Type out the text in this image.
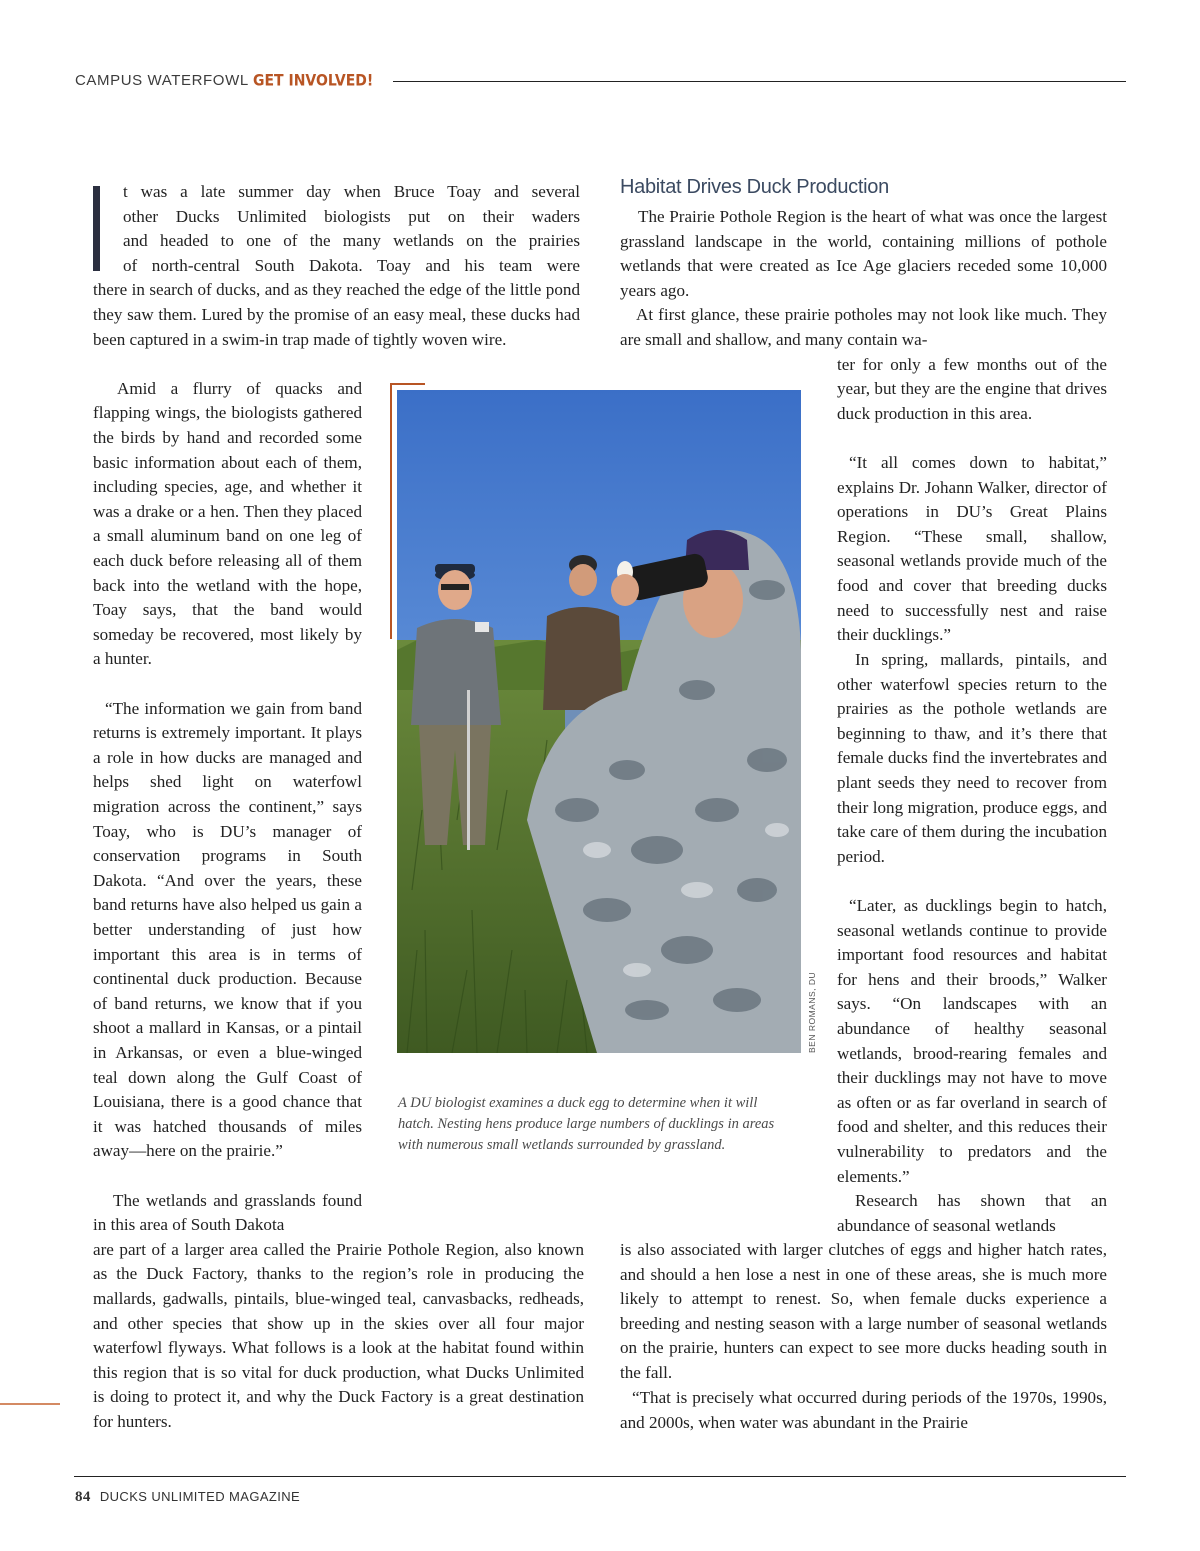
CAMPUS WATERFOWL GET INVOLVED!

t was a late summer day when Bruce Toay and several

other Ducks Unlimited biologists put on their waders

and headed to one of the many wetlands on the prairies

of north-central South Dakota. Toay and his team were

there in search of ducks, and as they reached the edge of the little pond they saw them. Lured by the promise of an easy meal, these ducks had been captured in a swim-in trap made of tightly woven wire.

Amid a flurry of quacks and flapping wings, the biologists gathered the birds by hand and recorded some basic information about each of them, including species, age, and whether it was a drake or a hen. Then they placed a small aluminum band on one leg of each duck before releasing all of them back into the wetland with the hope, Toay says, that the band would someday be recovered, most likely by a hunter.

“The information we gain from band returns is extremely important. It plays a role in how ducks are managed and helps shed light on waterfowl migration across the continent,” says Toay, who is DU’s manager of conservation programs in South Dakota. “And over the years, these band returns have also helped us gain a better understanding of just how important this area is in terms of continental duck production. Because of band returns, we know that if you shoot a mallard in Kansas, or a pintail in Arkansas, or even a blue-winged teal down along the Gulf Coast of Louisiana, there is a good chance that it was hatched thousands of miles away—here on the prairie.”

The wetlands and grasslands found in this area of South Dakota

are part of a larger area called the Prairie Pothole Region, also known as the Duck Factory, thanks to the region’s role in producing the mallards, gadwalls, pintails, blue-winged teal, canvasbacks, redheads, and other species that show up in the skies over all four major waterfowl flyways. What follows is a look at the habitat found within this region that is so vital for duck production, what Ducks Unlimited is doing to protect it, and why the Duck Factory is a great destination for hunters.

Habitat Drives Duck Production

The Prairie Pothole Region is the heart of what was once the largest grassland landscape in the world, containing millions of pothole wetlands that were created as Ice Age glaciers receded some 10,000 years ago.

At first glance, these prairie potholes may not look like much. They are small and shallow, and many contain wa-

ter for only a few months out of the year, but they are the engine that drives duck production in this area.

“It all comes down to habitat,” explains Dr. Johann Walker, director of operations in DU’s Great Plains Region. “These small, shallow, seasonal wetlands provide much of the food and cover that breeding ducks need to successfully nest and raise their ducklings.”

In spring, mallards, pintails, and other waterfowl species return to the prairies as the pothole wetlands are beginning to thaw, and it’s there that female ducks find the invertebrates and plant seeds they need to recover from their long migration, produce eggs, and take care of them during the incubation period.

“Later, as ducklings begin to hatch, seasonal wetlands continue to provide important food resources and habitat for hens and their broods,” Walker says. “On landscapes with an abundance of healthy seasonal wetlands, brood-rearing females and their ducklings may not have to move as often or as far overland in search of food and shelter, and this reduces their vulnerability to predators and the elements.”

Research has shown that an abundance of seasonal wetlands

is also associated with larger clutches of eggs and higher hatch rates, and should a hen lose a nest in one of these areas, she is much more likely to attempt to renest. So, when female ducks experience a breeding and nesting season with a large number of seasonal wetlands on the prairie, hunters can expect to see more ducks heading south in the fall.

“That is precisely what occurred during periods of the 1970s, 1990s, and 2000s, when water was abundant in the Prairie

BEN ROMANS, DU

A DU biologist examines a duck egg to determine when it will hatch. Nesting hens produce large numbers of ducklings in areas with numerous small wetlands surrounded by grassland.

84 DUCKS UNLIMITED MAGAZINE
